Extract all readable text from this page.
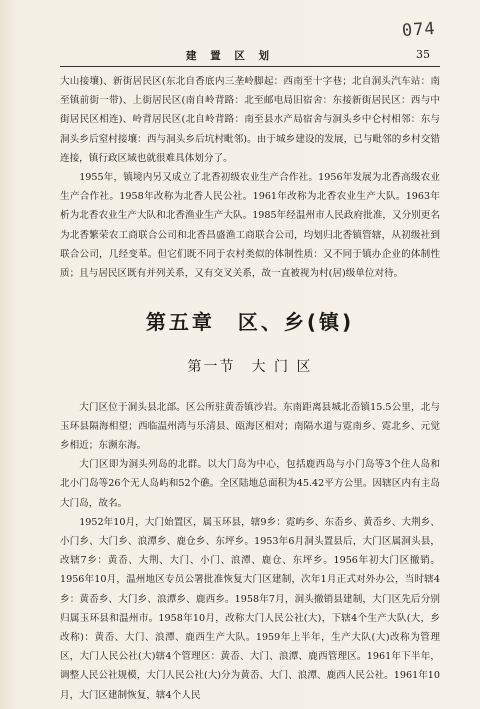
074
建 置 区 划	35

大山接壤)、新街居民区(东北自香底内三垄岭脚起：西南至十字巷；北自洞头汽车站：南至镇前街一带)、上街居民区(南自岭背路：北至邮电局旧宿舍：东接新街居民区：西与中街居民区相连)、岭背居民区(北自岭背路：南至县水产局宿舍与洞头乡中仑村相邻：东与洞头乡后窒村接壤：西与洞头乡后坑村毗邻)。由于城乡建设的发展，已与毗邻的乡村交错连接，镇行政区域也就很难具体划分了。

1955年，镇境内另又成立了北香初级农业生产合作社。1956年发展为北香高级农业生产合作社。1958年改称为北香人民公社。1961年改称为北香农业生产大队。1963年析为北香农业生产大队和北香渔业生产大队。1985年经温州市人民政府批准，又分别更名为北香繁荣农工商联合公司和北香昌盛渔工商联合公司，均划归北香镇管辖，从初级社到联合公司，几经变革。但它们既不同于农村类似的体制性质：又不同于镇办企业的体制性质；且与居民区既有并列关系，又有交叉关系，故一直被视为村(居)级单位对待。

第五章　区、乡(镇)
第一节　大 门 区

大门区位于洞头县北部。区公所驻黄岙镇沙岩。东南距离县城北岙镇15.5公里，北与玉环县隔海相望；西临温州湾与乐清县、瓯海区相对；南隔水道与霓南乡、霓北乡、元觉乡相近；东濒东海。

大门区即为洞头列岛的北群。以大门岛为中心，包括鹿西岛与小门岛等3个住人岛和北小门岛等26个无人岛屿和52个礁。全区陆地总面积为45.42平方公里。因辖区内有主岛大门岛，故名。

1952年10月，大门始置区，属玉环县，辖9乡：霓屿乡、东岙乡、黄岙乡、大荆乡、小门乡、大门乡、浪潭乡、鹿仓乡、东坪乡。1953年6月洞头置县后，大门区属洞头县，改辖7乡：黄岙、大荆、大门、小门、浪潭、鹿仓、东坪乡。1956年初大门区撤销。1956年10月，温州地区专员公署批准恢复大门区建制，次年1月正式对外办公，当时辖4乡：黄岙乡、大门乡、浪潭乡、鹿西乡。1958年7月，洞头撤销县建制，大门区先后分别归属玉环县和温州市。1958年10月，改称大门人民公社(大)，下辖4个生产大队(大，乡改称)：黄岙、大门、浪潭、鹿西生产大队。1959年上半年，生产大队(大)改称为管理区，大门人民公社(大)辖4个管理区：黄岙、大门、浪潭、鹿西管理区。1961年下半年，调整人民公社规模，大门人民公社(大)分为黄岙、大门、浪潭、鹿西人民公社。1961年10月，大门区建制恢复，辖4个人民
